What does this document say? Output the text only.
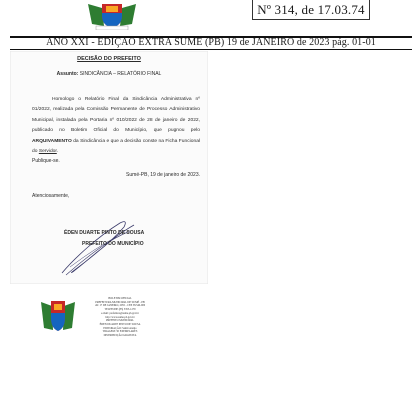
Nº 314, de 17.03.74
ANO XXI - EDIÇÃO EXTRA SUMÉ (PB) 19 de JANEIRO de 2023 pág. 01-01
DECISÃO DO PREFEITO
Assunto: SINDICÂNCIA – RELATÓRIO FINAL
Homologo o Relatório Final da Sindicância Administrativa nº 01/2022, realizada pela Comissão Permanente de Processo Administrativo Municipal, instalada pela Portaria nº 010/2022 de 28 de janeiro de 2022, publicado no Boletim Oficial do Município, que pugnou pelo ARQUIVAMENTO da Sindicância e que a decisão conste na Ficha Funcional do Servidor.
Publique-se.
Sumé-PB, 19 de janeiro de 2023.
Atenciosamente,
ÉDEN DUARTE PINTO DE SOUSA
PREFEITO DO MUNICÍPIO
BOLETIM OFICIAL
PREFEITURA MUNICIPAL DE SUMÉ - PB
AV. 17 DE JANEIRO, 2055 - CEP 58.540-000
TELEFONE (83) 3353-1279
e-mail: prefeitura@sume.pb.gov.br
http://www.sume.pb.gov.br
PREFEITO MUNICIPAL
ÉDEN DUARTE PINTO DE SOUSA
EDITORAÇÃO: Samir Araújo
TIRAGEM: 50 EXEMPLARES
DISTRIBUIÇÃO GRATUITA
